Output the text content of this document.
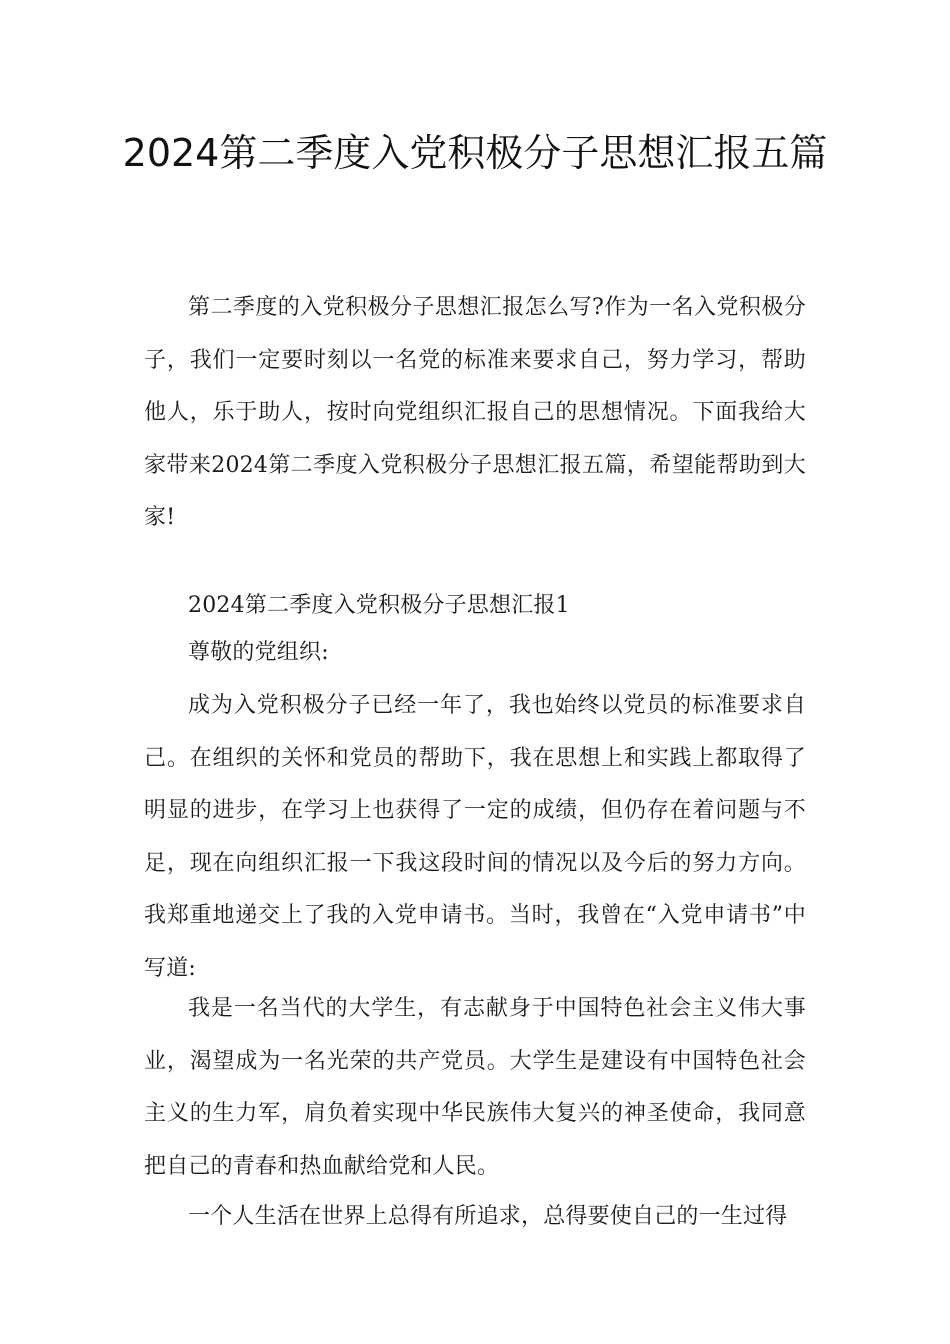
2024第二季度入党积极分子思想汇报五篇

第二季度的入党积极分子思想汇报怎么写?作为一名入党积极分子，我们一定要时刻以一名党的标准来要求自己，努力学习，帮助他人，乐于助人，按时向党组织汇报自己的思想情况。下面我给大家带来2024第二季度入党积极分子思想汇报五篇，希望能帮助到大家!

2024第二季度入党积极分子思想汇报1

尊敬的党组织:

成为入党积极分子已经一年了，我也始终以党员的标准要求自己。在组织的关怀和党员的帮助下，我在思想上和实践上都取得了明显的进步，在学习上也获得了一定的成绩，但仍存在着问题与不足，现在向组织汇报一下我这段时间的情况以及今后的努力方向。我郑重地递交上了我的入党申请书。当时，我曾在“入党申请书”中写道:

我是一名当代的大学生，有志献身于中国特色社会主义伟大事业，渴望成为一名光荣的共产党员。大学生是建设有中国特色社会主义的生力军，肩负着实现中华民族伟大复兴的神圣使命，我同意把自己的青春和热血献给党和人民。

一个人生活在世界上总得有所追求，总得要使自己的一生过得
